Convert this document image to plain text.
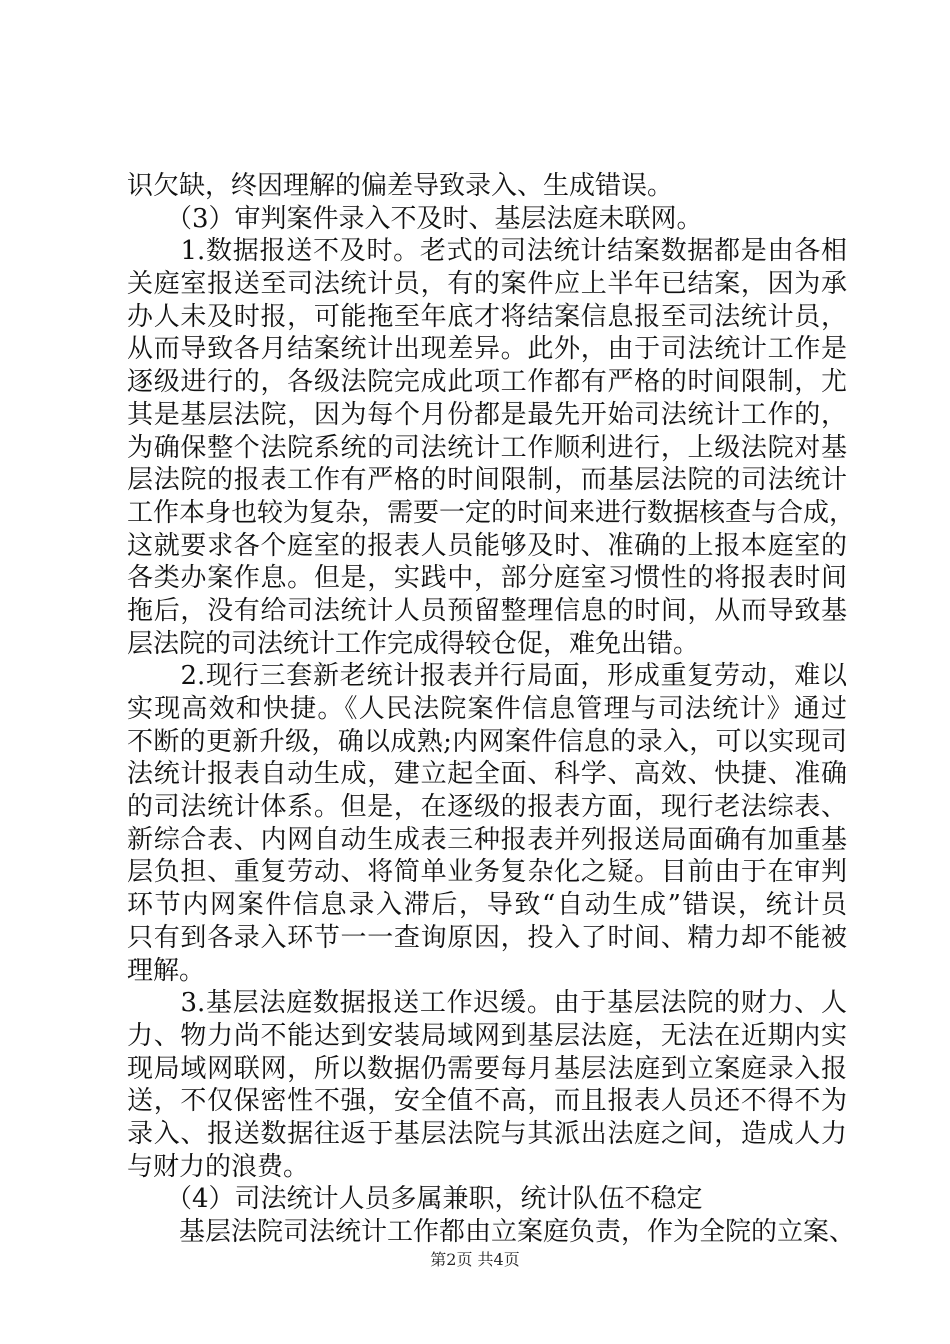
识欠缺，终因理解的偏差导致录入、生成错误。
　　（3）审判案件录入不及时、基层法庭未联网。
　　1.数据报送不及时。老式的司法统计结案数据都是由各相
关庭室报送至司法统计员，有的案件应上半年已结案，因为承
办人未及时报，可能拖至年底才将结案信息报至司法统计员，
从而导致各月结案统计出现差异。此外，由于司法统计工作是
逐级进行的，各级法院完成此项工作都有严格的时间限制，尤
其是基层法院，因为每个月份都是最先开始司法统计工作的，
为确保整个法院系统的司法统计工作顺利进行，上级法院对基
层法院的报表工作有严格的时间限制，而基层法院的司法统计
工作本身也较为复杂，需要一定的时间来进行数据核查与合成，
这就要求各个庭室的报表人员能够及时、准确的上报本庭室的
各类办案作息。但是，实践中，部分庭室习惯性的将报表时间
拖后，没有给司法统计人员预留整理信息的时间，从而导致基
层法院的司法统计工作完成得较仓促，难免出错。
　　2.现行三套新老统计报表并行局面，形成重复劳动，难以
实现高效和快捷。《人民法院案件信息管理与司法统计》通过
不断的更新升级，确以成熟;内网案件信息的录入，可以实现司
法统计报表自动生成，建立起全面、科学、高效、快捷、准确
的司法统计体系。但是，在逐级的报表方面，现行老法综表、
新综合表、内网自动生成表三种报表并列报送局面确有加重基
层负担、重复劳动、将简单业务复杂化之疑。目前由于在审判
环节内网案件信息录入滞后，导致“自动生成”错误，统计员
只有到各录入环节一一查询原因，投入了时间、精力却不能被
理解。
　　3.基层法庭数据报送工作迟缓。由于基层法院的财力、人
力、物力尚不能达到安装局域网到基层法庭，无法在近期内实
现局域网联网，所以数据仍需要每月基层法庭到立案庭录入报
送，不仅保密性不强，安全值不高，而且报表人员还不得不为
录入、报送数据往返于基层法院与其派出法庭之间，造成人力
与财力的浪费。
　　（4）司法统计人员多属兼职，统计队伍不稳定
　　基层法院司法统计工作都由立案庭负责，作为全院的立案、
第2页 共4页
